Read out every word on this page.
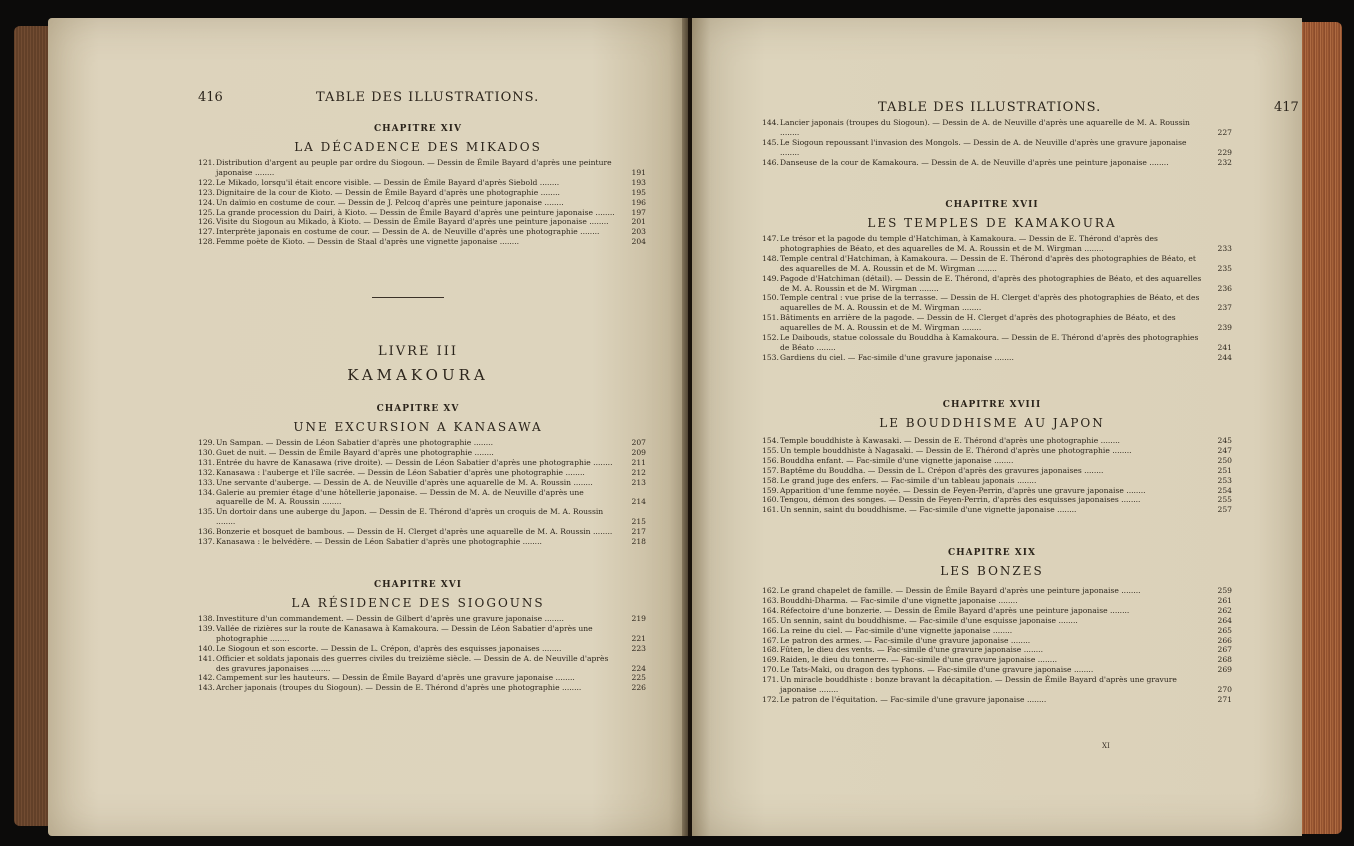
416	TABLE DES ILLUSTRATIONS.
CHAPITRE XIV
LA DÉCADENCE DES MIKADOS
121. Distribution d'argent au peuple par ordre du Siogoun. — Dessin de Émile Bayard d'après une peinture japonaise ........	191
122. Le Mikado, lorsqu'il était encore visible. — Dessin de Émile Bayard d'après Siebold ........	193
123. Dignitaire de la cour de Kioto. — Dessin de Émile Bayard d'après une photographie ........	195
124. Un daïmio en costume de cour. — Dessin de J. Pelcoq d'après une peinture japonaise ........	196
125. La grande procession du Dairi, à Kioto. — Dessin de Émile Bayard d'après une peinture japonaise ........	197
126. Visite du Siogoun au Mikado, à Kioto. — Dessin de Émile Bayard d'après une peinture japonaise ........	201
127. Interprète japonais en costume de cour. — Dessin de A. de Neuville d'après une photographie ........	203
128. Femme poète de Kioto. — Dessin de Staal d'après une vignette japonaise ........	204
LIVRE III
KAMAKOURA
CHAPITRE XV
UNE EXCURSION A KANASAWA
129. Un Sampan. — Dessin de Léon Sabatier d'après une photographie ........	207
130. Guet de nuit. — Dessin de Émile Bayard d'après une photographie ........	209
131. Entrée du havre de Kanasawa (rive droite). — Dessin de Léon Sabatier d'après une photographie ........	211
132. Kanasawa : l'auberge et l'île sacrée. — Dessin de Léon Sabatier d'après une photographie ........	212
133. Une servante d'auberge. — Dessin de A. de Neuville d'après une aquarelle de M. A. Roussin ........	213
134. Galerie au premier étage d'une hôtellerie japonaise. — Dessin de M. A. de Neuville d'après une aquarelle de M. A. Roussin ........	214
135. Un dortoir dans une auberge du Japon. — Dessin de E. Thérond d'après un croquis de M. A. Roussin ........	215
136. Bonzerie et bosquet de bambous. — Dessin de H. Clerget d'après une aquarelle de M. A. Roussin ........	217
137. Kanasawa : le belvédère. — Dessin de Léon Sabatier d'après une photographie ........	218
CHAPITRE XVI
LA RÉSIDENCE DES SIOGOUNS
138. Investiture d'un commandement. — Dessin de Gilbert d'après une gravure japonaise ........	219
139. Vallée de rizières sur la route de Kanasawa à Kamakoura. — Dessin de Léon Sabatier d'après une photographie ........	221
140. Le Siogoun et son escorte. — Dessin de L. Crépon, d'après des esquisses japonaises ........	223
141. Officier et soldats japonais des guerres civiles du treizième siècle. — Dessin de A. de Neuville d'après des gravures japonaises ........	224
142. Campement sur les hauteurs. — Dessin de Émile Bayard d'après une gravure japonaise ........	225
143. Archer japonais (troupes du Siogoun). — Dessin de E. Thérond d'après une photographie ........	226
TABLE DES ILLUSTRATIONS.	417
144. Lancier japonais (troupes du Siogoun). — Dessin de A. de Neuville d'après une aquarelle de M. A. Roussin ........	227
145. Le Siogoun repoussant l'invasion des Mongols. — Dessin de A. de Neuville d'après une gravure japonaise ........	229
146. Danseuse de la cour de Kamakoura. — Dessin de A. de Neuville d'après une peinture japonaise ........	232
CHAPITRE XVII
LES TEMPLES DE KAMAKOURA
147. Le trésor et la pagode du temple d'Hatchiman, à Kamakoura. — Dessin de E. Thérond d'après des photographies de Béato, et des aquarelles de M. A. Roussin et de M. Wirgman ........	233
148. Temple central d'Hatchiman, à Kamakoura. — Dessin de E. Thérond d'après des photographies de Béato, et des aquarelles de M. A. Roussin et de M. Wirgman ........	235
149. Pagode d'Hatchiman (détail). — Dessin de E. Thérond, d'après des photographies de Béato, et des aquarelles de M. A. Roussin et de M. Wirgman ........	236
150. Temple central : vue prise de la terrasse. — Dessin de H. Clerget d'après des photographies de Béato, et des aquarelles de M. A. Roussin et de M. Wirgman ........	237
151. Bâtiments en arrière de la pagode. — Dessin de H. Clerget d'après des photographies de Béato, et des aquarelles de M. A. Roussin et de M. Wirgman ........	239
152. Le Daibouds, statue colossale du Bouddha à Kamakoura. — Dessin de E. Thérond d'après des photographies de Béato ........	241
153. Gardiens du ciel. — Fac-simile d'une gravure japonaise ........	244
CHAPITRE XVIII
LE BOUDDHISME AU JAPON
154. Temple bouddhiste à Kawasaki. — Dessin de E. Thérond d'après une photographie ........	245
155. Un temple bouddhiste à Nagasaki. — Dessin de E. Thérond d'après une photographie ........	247
156. Bouddha enfant. — Fac-simile d'une vignette japonaise ........	250
157. Baptême du Bouddha. — Dessin de L. Crépon d'après des gravures japonaises ........	251
158. Le grand juge des enfers. — Fac-simile d'un tableau japonais ........	253
159. Apparition d'une femme noyée. — Dessin de Feyen-Perrin, d'après une gravure japonaise ........	254
160. Tengou, démon des songes. — Dessin de Feyen-Perrin, d'après des esquisses japonaises ........	255
161. Un sennin, saint du bouddhisme. — Fac-simile d'une vignette japonaise ........	257
CHAPITRE XIX
LES BONZES
162. Le grand chapelet de famille. — Dessin de Émile Bayard d'après une peinture japonaise ........	259
163. Bouddhi-Dharma. — Fac-simile d'une vignette japonaise ........	261
164. Réfectoire d'une bonzerie. — Dessin de Émile Bayard d'après une peinture japonaise ........	262
165. Un sennin, saint du bouddhisme. — Fac-simile d'une esquisse japonaise ........	264
166. La reine du ciel. — Fac-simile d'une vignette japonaise ........	265
167. Le patron des armes. — Fac-simile d'une gravure japonaise ........	266
168. Fûten, le dieu des vents. — Fac-simile d'une gravure japonaise ........	267
169. Raiden, le dieu du tonnerre. — Fac-simile d'une gravure japonaise ........	268
170. Le Tats-Maki, ou dragon des typhons. — Fac-simile d'une gravure japonaise ........	269
171. Un miracle bouddhiste : bonze bravant la décapitation. — Dessin de Émile Bayard d'après une gravure japonaise ........	270
172. Le patron de l'équitation. — Fac-simile d'une gravure japonaise ........	271
XI
